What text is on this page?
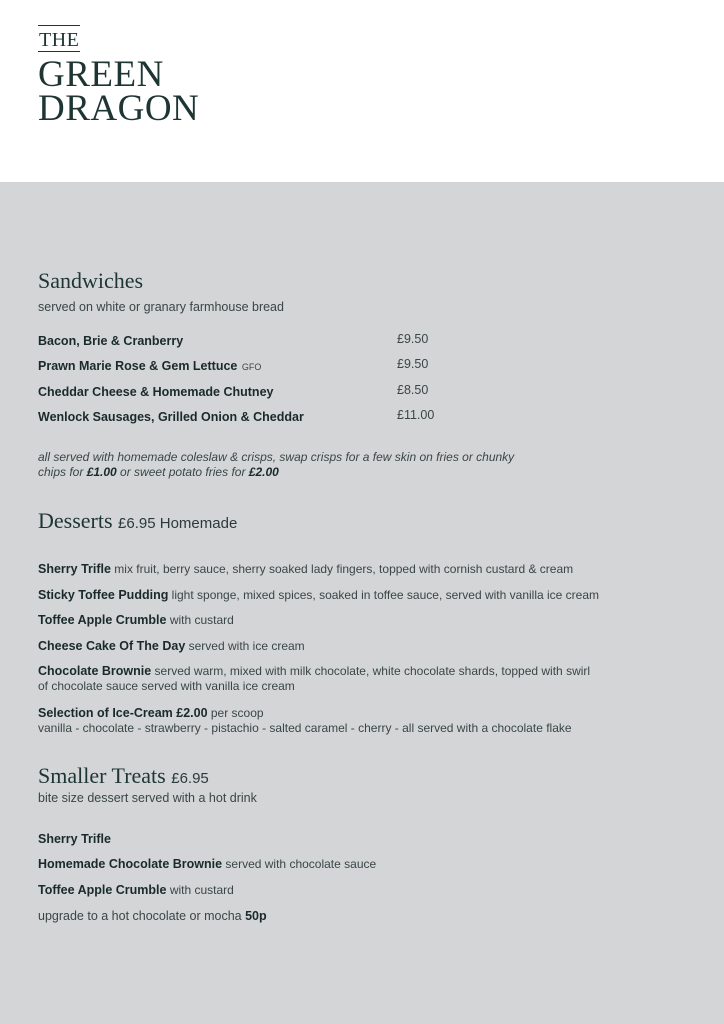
THE
GREEN
DRAGON
Sandwiches
served on white or granary farmhouse bread
Bacon, Brie & Cranberry	£9.50
Prawn Marie Rose & Gem Lettuce GFO	£9.50
Cheddar Cheese & Homemade Chutney	£8.50
Wenlock Sausages, Grilled Onion & Cheddar	£11.00
all served with homemade coleslaw & crisps, swap crisps for a few skin on fries or chunky
chips for £1.00 or sweet potato fries for £2.00
Desserts £6.95 Homemade
Sherry Trifle mix fruit, berry sauce, sherry soaked lady fingers, topped with cornish custard & cream
Sticky Toffee Pudding light sponge, mixed spices, soaked in toffee sauce, served with vanilla ice cream
Toffee Apple Crumble with custard
Cheese Cake Of The Day served with ice cream
Chocolate Brownie served warm, mixed with milk chocolate, white chocolate shards, topped with swirl
of chocolate sauce served with vanilla ice cream
Selection of Ice-Cream £2.00 per scoop
vanilla - chocolate - strawberry - pistachio - salted caramel - cherry - all served with a chocolate flake
Smaller Treats £6.95
bite size dessert served with a hot drink
Sherry Trifle
Homemade Chocolate Brownie served with chocolate sauce
Toffee Apple Crumble with custard
upgrade to a hot chocolate or mocha 50p
